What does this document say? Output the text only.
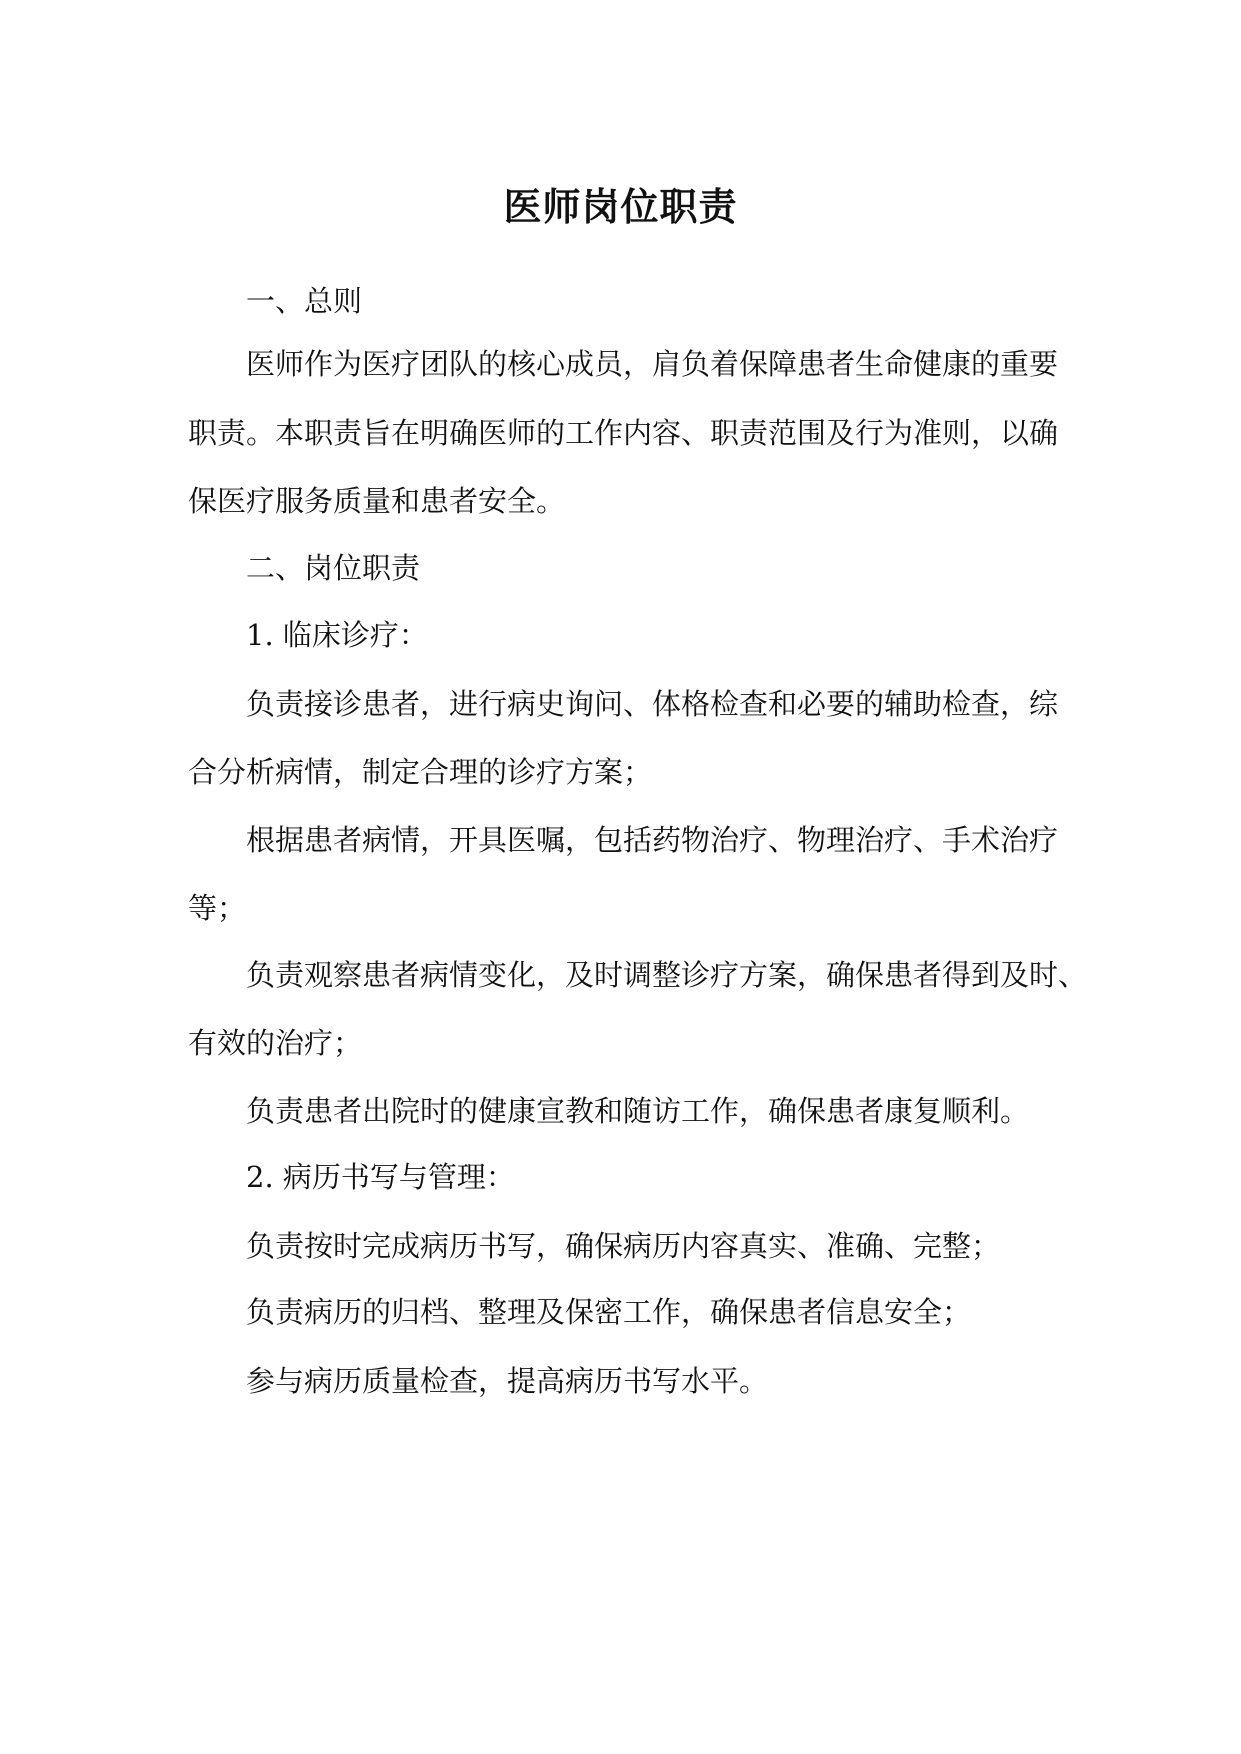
医师岗位职责
一、总则
医师作为医疗团队的核心成员，肩负着保障患者生命健康的重要
职责。本职责旨在明确医师的工作内容、职责范围及行为准则，以确
保医疗服务质量和患者安全。
二、岗位职责
1. 临床诊疗：
负责接诊患者，进行病史询问、体格检查和必要的辅助检查，综
合分析病情，制定合理的诊疗方案；
根据患者病情，开具医嘱，包括药物治疗、物理治疗、手术治疗
等；
负责观察患者病情变化，及时调整诊疗方案，确保患者得到及时、
有效的治疗；
负责患者出院时的健康宣教和随访工作，确保患者康复顺利。
2. 病历书写与管理：
负责按时完成病历书写，确保病历内容真实、准确、完整；
负责病历的归档、整理及保密工作，确保患者信息安全；
参与病历质量检查，提高病历书写水平。
